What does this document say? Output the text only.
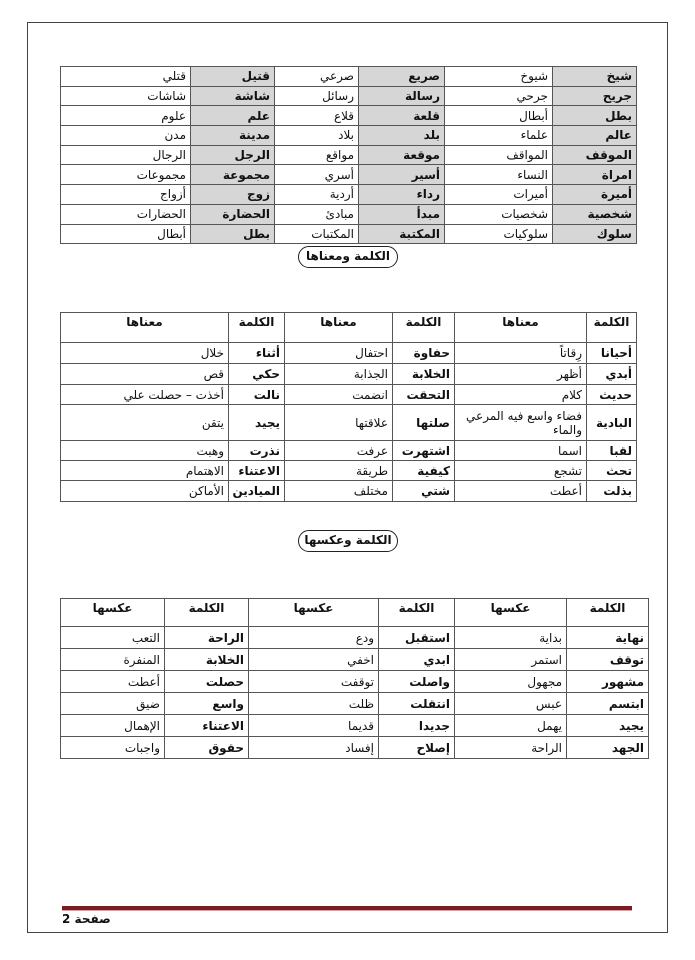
شيخ	شيوخ	صريع	صرعي	قتيل	قتلي
جريح	جرحي	رسالة	رسائل	شاشة	شاشات
بطل	أبطال	قلعة	قلاع	علم	علوم
عالم	علماء	بلد	بلاد	مدينة	مدن
الموقف	المواقف	موقعة	مواقع	الرجل	الرجال
امراة	النساء	أسير	أسري	مجموعة	مجموعات
أميرة	أميرات	رداء	أردية	زوج	أزواج
شخصية	شخصيات	مبدأ	مبادئ	الحضارة	الحضارات
سلوك	سلوكيات	المكتبة	المكتبات	بطل	أبطال
الكلمة ومعناها
الكلمة	معناها	الكلمة	معناها	الكلمة	معناها
أحيانا	رِقاتاً	حفاوة	احتفال	أثناء	خلال
أبدي	أظهر	الخلابة	الجذابة	حكي	قص
حديث	كلام	التحقت	انضمت	نالت	أخذت – حصلت علي
البادية	فضاء واسع فيه المرعي والماء	صلتها	علاقتها	يجيد	يتقن
لقبا	اسما	اشتهرت	عرفت	نذرت	وهبت
تحث	تشجع	كيفية	طريقة	الاعتناء	الاهتمام
بذلت	أعطت	شتي	مختلف	الميادين	الأماكن
الكلمة وعكسها
الكلمة	عكسها	الكلمة	عكسها	الكلمة	عكسها
نهاية	بداية	استقبل	ودع	الراحة	التعب
توقف	استمر	ابدي	اخفي	الخلابة	المنفرة
مشهور	مجهول	واصلت	توقفت	حصلت	أعطت
ابتسم	عبس	انتقلت	ظلت	واسع	ضيق
يجيد	يهمل	جديدا	قديما	الاعتناء	الإهمال
الجهد	الراحة	إصلاح	إفساد	حقوق	واجبات
صفحة 2
